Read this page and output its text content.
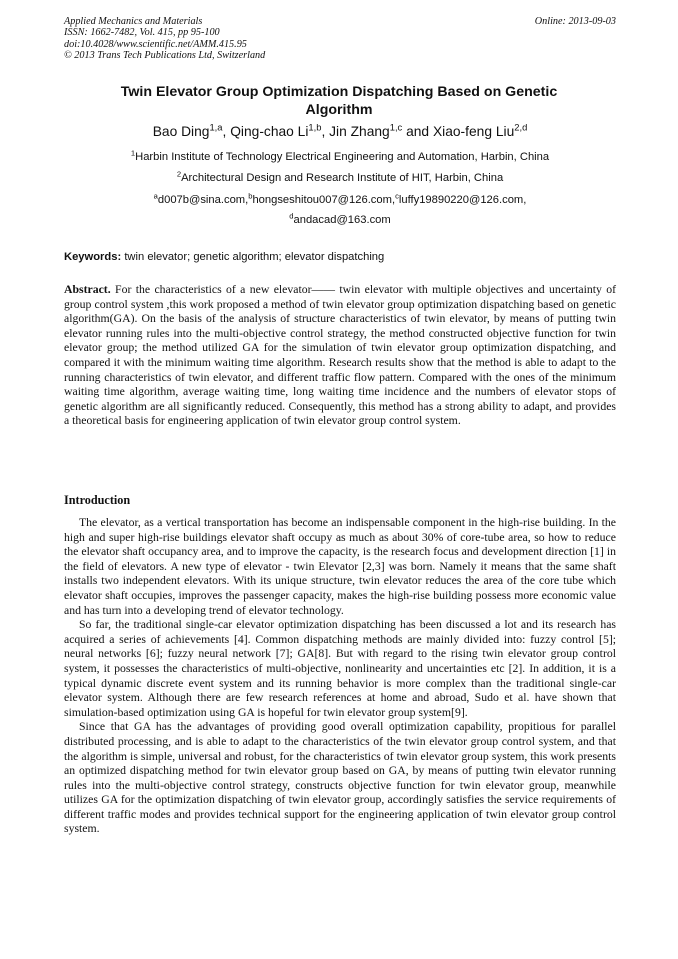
Applied Mechanics and Materials
ISSN: 1662-7482, Vol. 415, pp 95-100
doi:10.4028/www.scientific.net/AMM.415.95
© 2013 Trans Tech Publications Ltd, Switzerland
Online: 2013-09-03
Twin Elevator Group Optimization Dispatching Based on Genetic Algorithm
Bao Ding$^{1,a}$, Qing-chao Li$^{1,b}$, Jin Zhang$^{1,c}$ and Xiao-feng Liu$^{2,d}$
$^1$Harbin Institute of Technology Electrical Engineering and Automation, Harbin, China
$^2$Architectural Design and Research Institute of HIT, Harbin, China
$^a$d007b@sina.com,$^b$hongseshitou007@126.com,$^c$luffy19890220@126.com,
$^d$andacad@163.com
Keywords: twin elevator; genetic algorithm; elevator dispatching
Abstract. For the characteristics of a new elevator—— twin elevator with multiple objectives and uncertainty of group control system ,this work proposed a method of twin elevator group optimization dispatching based on genetic algorithm(GA). On the basis of the analysis of structure characteristics of twin elevator, by means of putting twin elevator running rules into the multi-objective control strategy, the method constructed objective function for twin elevator group; the method utilized GA for the simulation of twin elevator group optimization dispatching, and compared it with the minimum waiting time algorithm. Research results show that the method is able to adapt to the running characteristics of twin elevator, and different traffic flow pattern. Compared with the ones of the minimum waiting time algorithm, average waiting time, long waiting time incidence and the numbers of elevator stops of genetic algorithm are all significantly reduced. Consequently, this method has a strong ability to adapt, and provides a theoretical basis for engineering application of twin elevator group control system.
Introduction

The elevator, as a vertical transportation has become an indispensable component in the high-rise building. In the high and super high-rise buildings elevator shaft occupy as much as about 30% of core-tube area, so how to reduce the elevator shaft occupancy area, and to improve the capacity, is the research focus and development direction [1] in the field of elevators. A new type of elevator - twin Elevator [2,3] was born. Namely it means that the same shaft installs two independent elevators. With its unique structure, twin elevator reduces the area of the core tube which elevator shaft occupies, improves the passenger capacity, makes the high-rise building possess more economic value and has turn into a developing trend of elevator technology.

So far, the traditional single-car elevator optimization dispatching has been discussed a lot and its research has acquired a series of achievements [4]. Common dispatching methods are mainly divided into: fuzzy control [5]; neural networks [6]; fuzzy neural network [7]; GA[8]. But with regard to the rising twin elevator group control system, it possesses the characteristics of multi-objective, nonlinearity and uncertainties etc [2]. In addition, it is a typical dynamic discrete event system and its running behavior is more complex than the traditional single-car elevator system. Although there are few research references at home and abroad, Sudo et al. have shown that simulation-based optimization using GA is hopeful for twin elevator group system[9].

Since that GA has the advantages of providing good overall optimization capability, propitious for parallel distributed processing, and is able to adapt to the characteristics of the twin elevator group control system, and that the algorithm is simple, universal and robust, for the characteristics of twin elevator group system, this work presents an optimized dispatching method for twin elevator group based on GA, by means of putting twin elevator running rules into the multi-objective control strategy, constructs objective function for twin elevator group, meanwhile utilizes GA for the optimization dispatching of twin elevator group, accordingly satisfies the service requirements of different traffic modes and provides technical support for the engineering application of twin elevator group control system.
